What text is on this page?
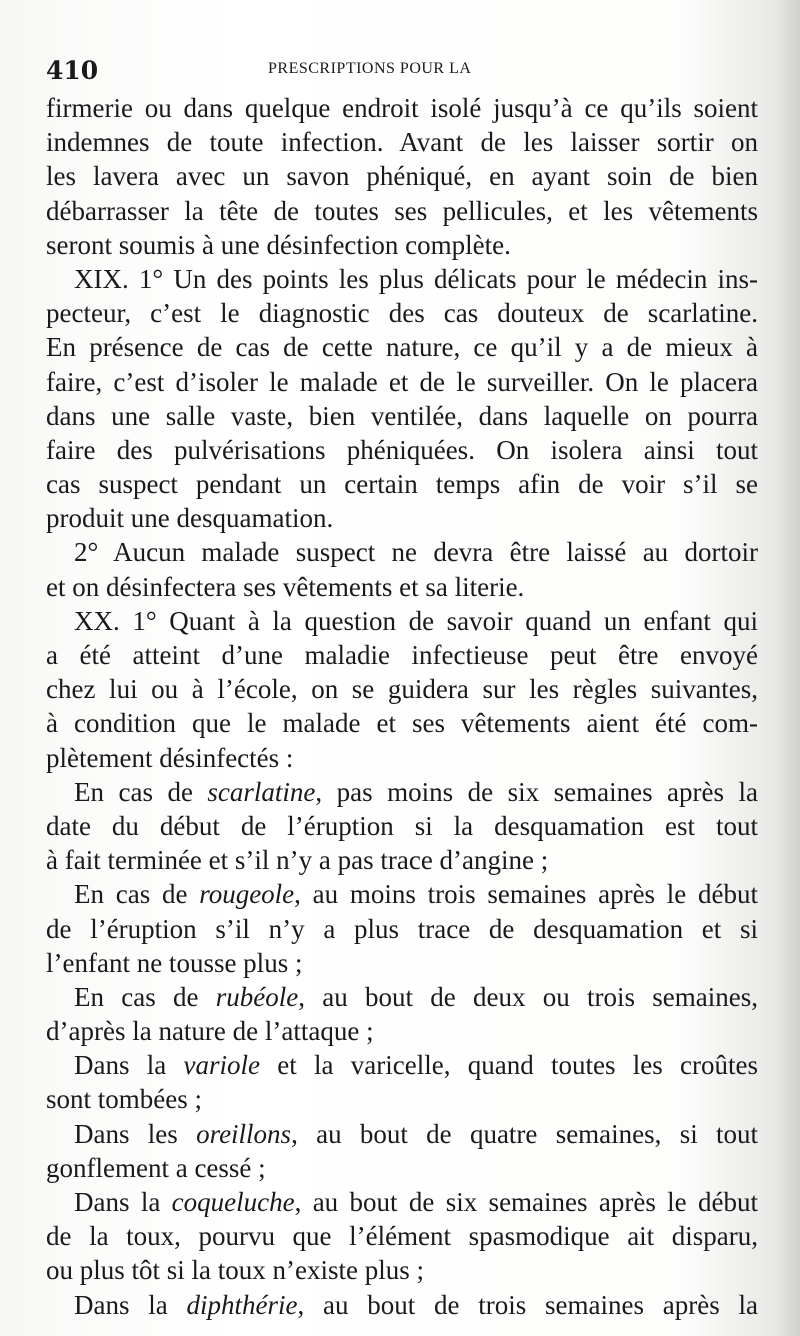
410	PRESCRIPTIONS POUR LA
firmerie ou dans quelque endroit isolé jusqu’à ce qu’ils soient
indemnes de toute infection. Avant de les laisser sortir on
les lavera avec un savon phéniqué, en ayant soin de bien
débarrasser la tête de toutes ses pellicules, et les vêtements
seront soumis à une désinfection complète.
XIX. 1° Un des points les plus délicats pour le médecin ins-
pecteur, c’est le diagnostic des cas douteux de scarlatine.
En présence de cas de cette nature, ce qu’il y a de mieux à
faire, c’est d’isoler le malade et de le surveiller. On le placera
dans une salle vaste, bien ventilée, dans laquelle on pourra
faire des pulvérisations phéniquées. On isolera ainsi tout
cas suspect pendant un certain temps afin de voir s’il se
produit une desquamation.
2° Aucun malade suspect ne devra être laissé au dortoir
et on désinfectera ses vêtements et sa literie.
XX. 1° Quant à la question de savoir quand un enfant qui
a été atteint d’une maladie infectieuse peut être envoyé
chez lui ou à l’école, on se guidera sur les règles suivantes,
à condition que le malade et ses vêtements aient été com-
plètement désinfectés :
En cas de scarlatine, pas moins de six semaines après la
date du début de l’éruption si la desquamation est tout
à fait terminée et s’il n’y a pas trace d’angine ;
En cas de rougeole, au moins trois semaines après le début
de l’éruption s’il n’y a plus trace de desquamation et si
l’enfant ne tousse plus ;
En cas de rubéole, au bout de deux ou trois semaines,
d’après la nature de l’attaque ;
Dans la variole et la varicelle, quand toutes les croûtes
sont tombées ;
Dans les oreillons, au bout de quatre semaines, si tout
gonflement a cessé ;
Dans la coqueluche, au bout de six semaines après le début
de la toux, pourvu que l’élément spasmodique ait disparu,
ou plus tôt si la toux n’existe plus ;
Dans la diphthérie, au bout de trois semaines après la
